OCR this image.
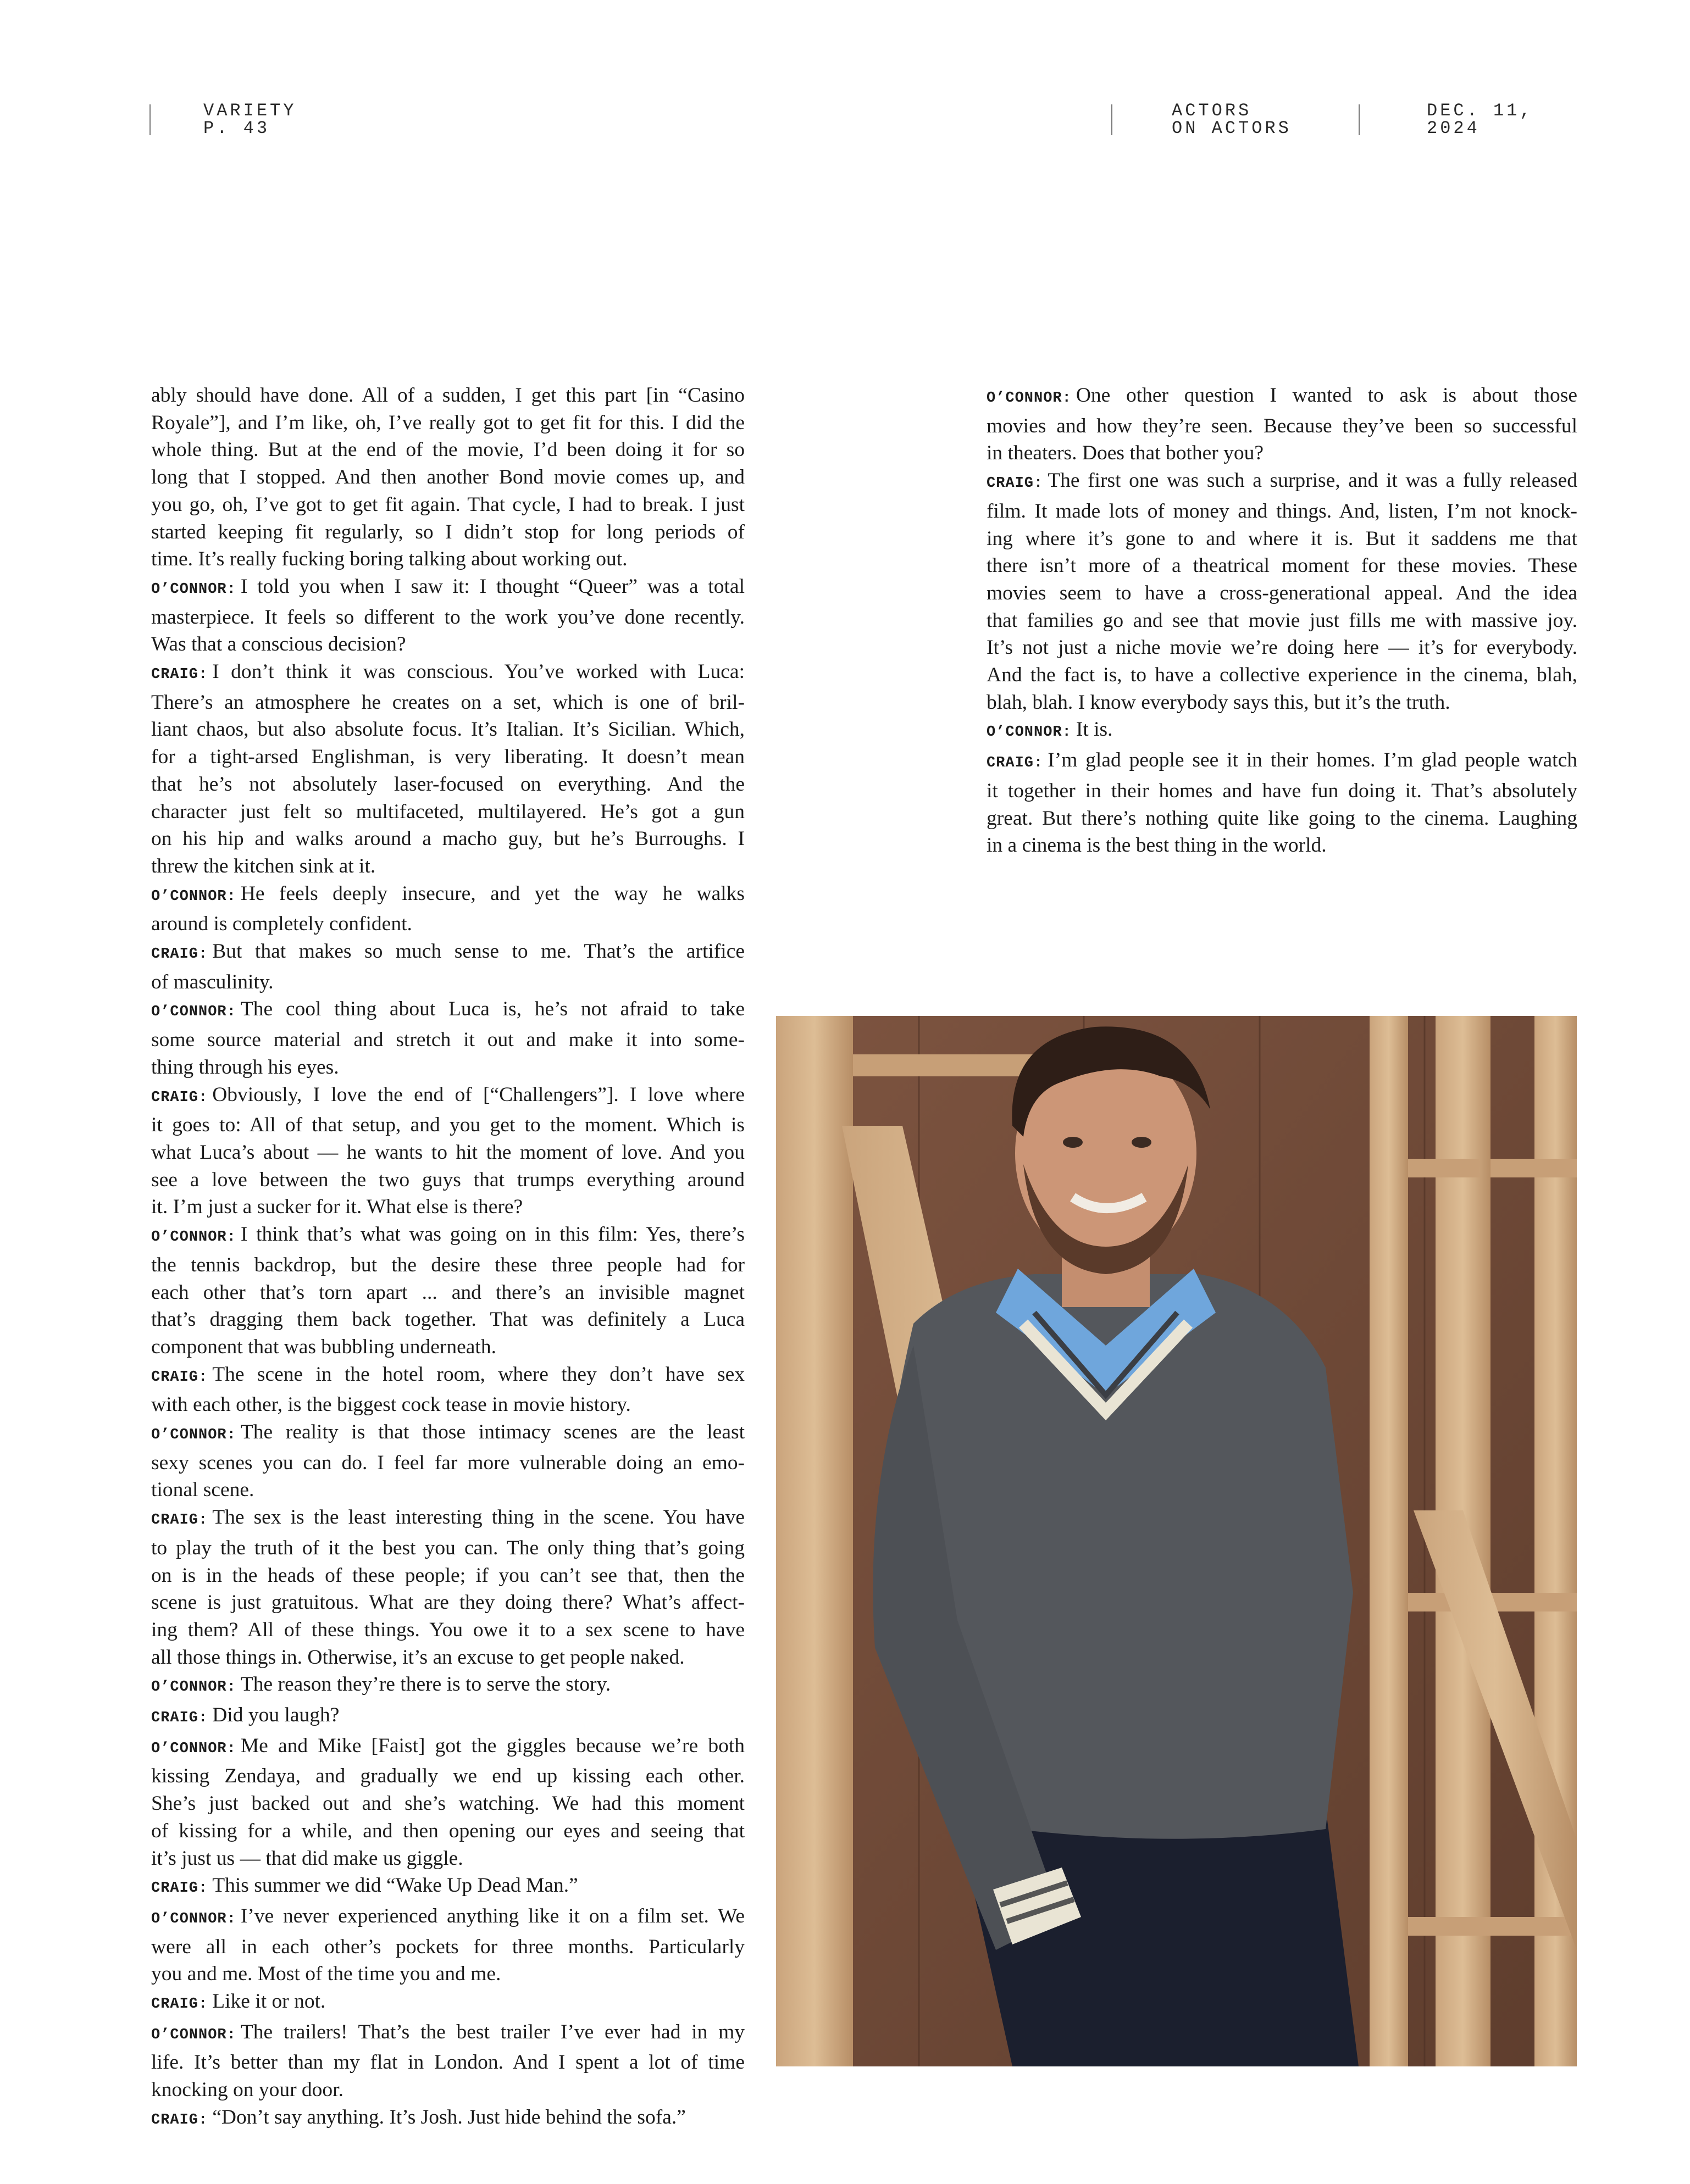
VARIETY
P. 43
ACTORS
ON ACTORS
DEC. 11,
2024

ably should have done. All of a sudden, I get this part [in “Casino

Royale”], and I’m like, oh, I’ve really got to get fit for this. I did the

whole thing. But at the end of the movie, I’d been doing it for so

long that I stopped. And then another Bond movie comes up, and

you go, oh, I’ve got to get fit again. That cycle, I had to break. I just

started keeping fit regularly, so I didn’t stop for long periods of

time. It’s really fucking boring talking about working out.

O’CONNOR: I told you when I saw it: I thought “Queer” was a total

masterpiece. It feels so different to the work you’ve done recently.

Was that a conscious decision?

CRAIG: I don’t think it was conscious. You’ve worked with Luca:

There’s an atmosphere he creates on a set, which is one of bril-

liant chaos, but also absolute focus. It’s Italian. It’s Sicilian. Which,

for a tight-arsed Englishman, is very liberating. It doesn’t mean

that he’s not absolutely laser-focused on everything. And the

character just felt so multifaceted, multilayered. He’s got a gun

on his hip and walks around a macho guy, but he’s Burroughs. I

threw the kitchen sink at it.

O’CONNOR: He feels deeply insecure, and yet the way he walks

around is completely confident.

CRAIG: But that makes so much sense to me. That’s the artifice

of masculinity.

O’CONNOR: The cool thing about Luca is, he’s not afraid to take

some source material and stretch it out and make it into some-

thing through his eyes.

CRAIG: Obviously, I love the end of [“Challengers”]. I love where

it goes to: All of that setup, and you get to the moment. Which is

what Luca’s about — he wants to hit the moment of love. And you

see a love between the two guys that trumps everything around

it. I’m just a sucker for it. What else is there?

O’CONNOR: I think that’s what was going on in this film: Yes, there’s

the tennis backdrop, but the desire these three people had for

each other that’s torn apart ... and there’s an invisible magnet

that’s dragging them back together. That was definitely a Luca

component that was bubbling underneath.

CRAIG: The scene in the hotel room, where they don’t have sex

with each other, is the biggest cock tease in movie history.

O’CONNOR: The reality is that those intimacy scenes are the least

sexy scenes you can do. I feel far more vulnerable doing an emo-

tional scene.

CRAIG: The sex is the least interesting thing in the scene. You have

to play the truth of it the best you can. The only thing that’s going

on is in the heads of these people; if you can’t see that, then the

scene is just gratuitous. What are they doing there? What’s affect-

ing them? All of these things. You owe it to a sex scene to have

all those things in. Otherwise, it’s an excuse to get people naked.

O’CONNOR: The reason they’re there is to serve the story.

CRAIG: Did you laugh?

O’CONNOR: Me and Mike [Faist] got the giggles because we’re both

kissing Zendaya, and gradually we end up kissing each other.

She’s just backed out and she’s watching. We had this moment

of kissing for a while, and then opening our eyes and seeing that

it’s just us — that did make us giggle.

CRAIG: This summer we did “Wake Up Dead Man.”

O’CONNOR: I’ve never experienced anything like it on a film set. We

were all in each other’s pockets for three months. Particularly

you and me. Most of the time you and me.

CRAIG: Like it or not.

O’CONNOR: The trailers! That’s the best trailer I’ve ever had in my

life. It’s better than my flat in London. And I spent a lot of time

knocking on your door.

CRAIG: “Don’t say anything. It’s Josh. Just hide behind the sofa.”

O’CONNOR: One other question I wanted to ask is about those

movies and how they’re seen. Because they’ve been so successful

in theaters. Does that bother you?

CRAIG: The first one was such a surprise, and it was a fully released

film. It made lots of money and things. And, listen, I’m not knock-

ing where it’s gone to and where it is. But it saddens me that

there isn’t more of a theatrical moment for these movies. These

movies seem to have a cross-generational appeal. And the idea

that families go and see that movie just fills me with massive joy.

It’s not just a niche movie we’re doing here — it’s for everybody.

And the fact is, to have a collective experience in the cinema, blah,

blah, blah. I know everybody says this, but it’s the truth.

O’CONNOR: It is.

CRAIG: I’m glad people see it in their homes. I’m glad people watch

it together in their homes and have fun doing it. That’s absolutely

great. But there’s nothing quite like going to the cinema. Laughing

in a cinema is the best thing in the world.
